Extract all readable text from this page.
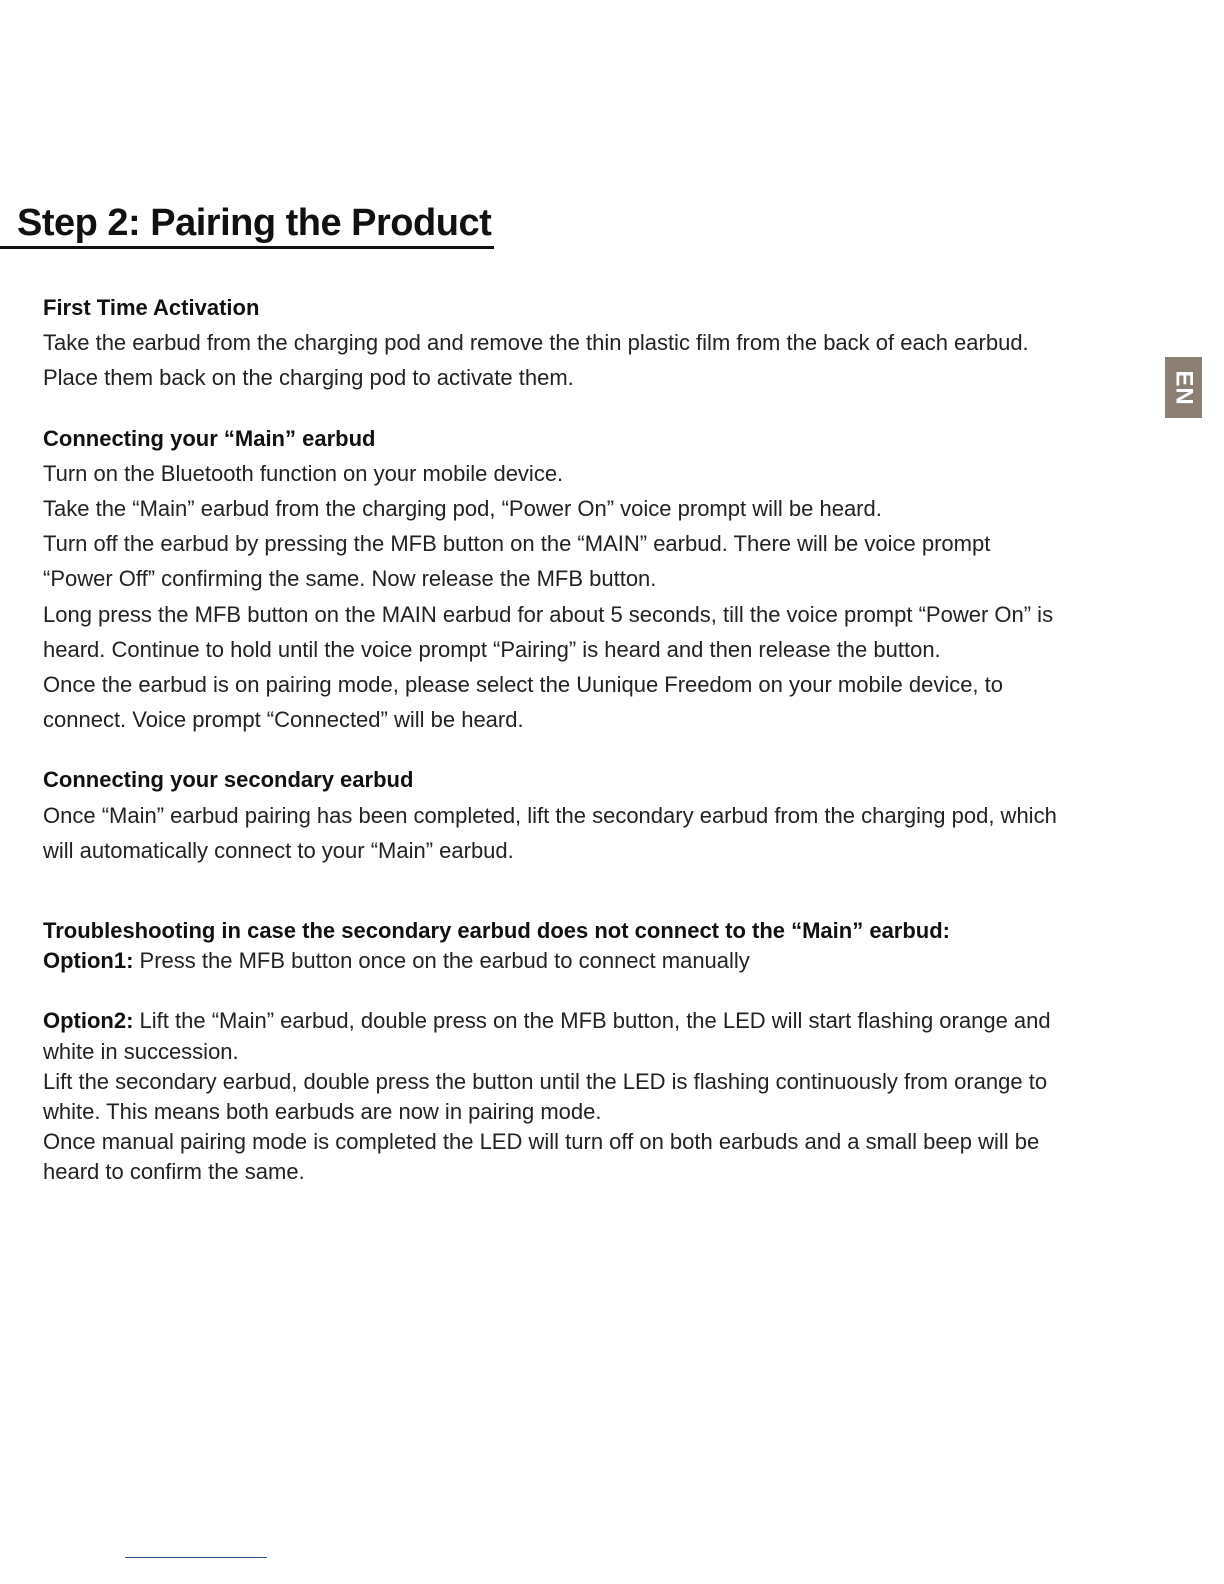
Step 2: Pairing the Product
EN
First Time Activation
Take the earbud from the charging pod and remove the thin plastic film from the back of each earbud.
Place them back on the charging pod to activate them.
Connecting your “Main” earbud
Turn on the Bluetooth function on your mobile device.
Take the “Main” earbud from the charging pod, “Power On” voice prompt will be heard.
Turn off the earbud by pressing the MFB button on the “MAIN” earbud. There will be voice prompt
“Power Off” confirming the same. Now release the MFB button.
Long press the MFB button on the MAIN earbud for about 5 seconds, till the voice prompt “Power On” is
heard. Continue to hold until the voice prompt “Pairing” is heard and then release the button.
Once the earbud is on pairing mode, please select the Uunique Freedom on your mobile device, to
connect. Voice prompt “Connected” will be heard.
Connecting your secondary earbud
Once “Main” earbud pairing has been completed, lift the secondary earbud from the charging pod, which
will automatically connect to your “Main” earbud.
Troubleshooting in case the secondary earbud does not connect to the “Main” earbud:
Option1: Press the MFB button once on the earbud to connect manually
Option2: Lift the “Main” earbud, double press on the MFB button, the LED will start flashing orange and
white in succession.
Lift the secondary earbud, double press the button until the LED is flashing continuously from orange to
white. This means both earbuds are now in pairing mode.
Once manual pairing mode is completed the LED will turn off on both earbuds and a small beep will be
heard to confirm the same.
